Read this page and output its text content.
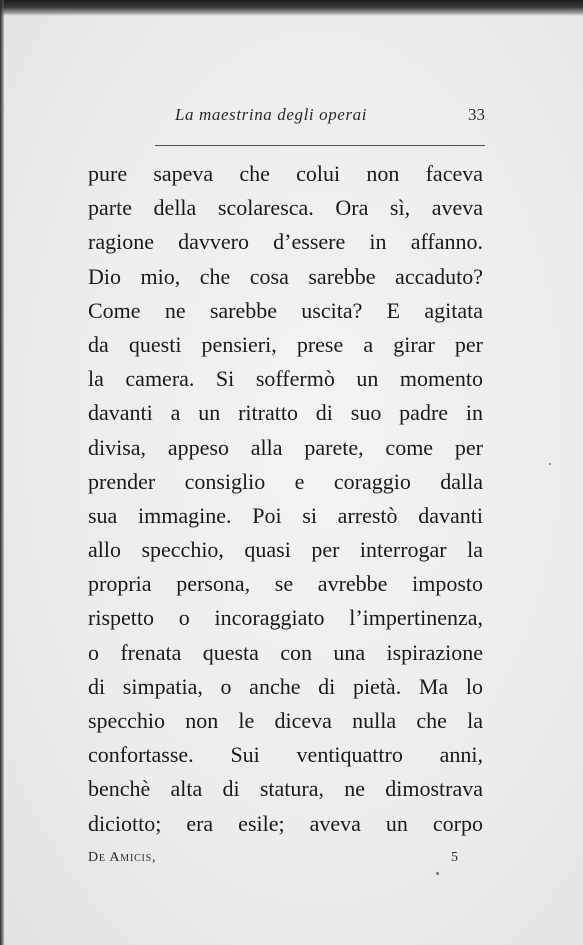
La maestrina degli operai	33
pure sapeva che colui non faceva
parte della scolaresca. Ora sì, aveva
ragione davvero d’essere in affanno.
Dio mio, che cosa sarebbe accaduto?
Come ne sarebbe uscita? E agitata
da questi pensieri, prese a girar per
la camera. Si soffermò un momento
davanti a un ritratto di suo padre in
divisa, appeso alla parete, come per
prender consiglio e coraggio dalla
sua immagine. Poi si arrestò davanti
allo specchio, quasi per interrogar la
propria persona, se avrebbe imposto
rispetto o incoraggiato l’impertinenza,
o frenata questa con una ispirazione
di simpatia, o anche di pietà. Ma lo
specchio non le diceva nulla che la
confortasse. Sui ventiquattro anni,
benchè alta di statura, ne dimostrava
diciotto; era esile; aveva un corpo
De Amicis,	5
